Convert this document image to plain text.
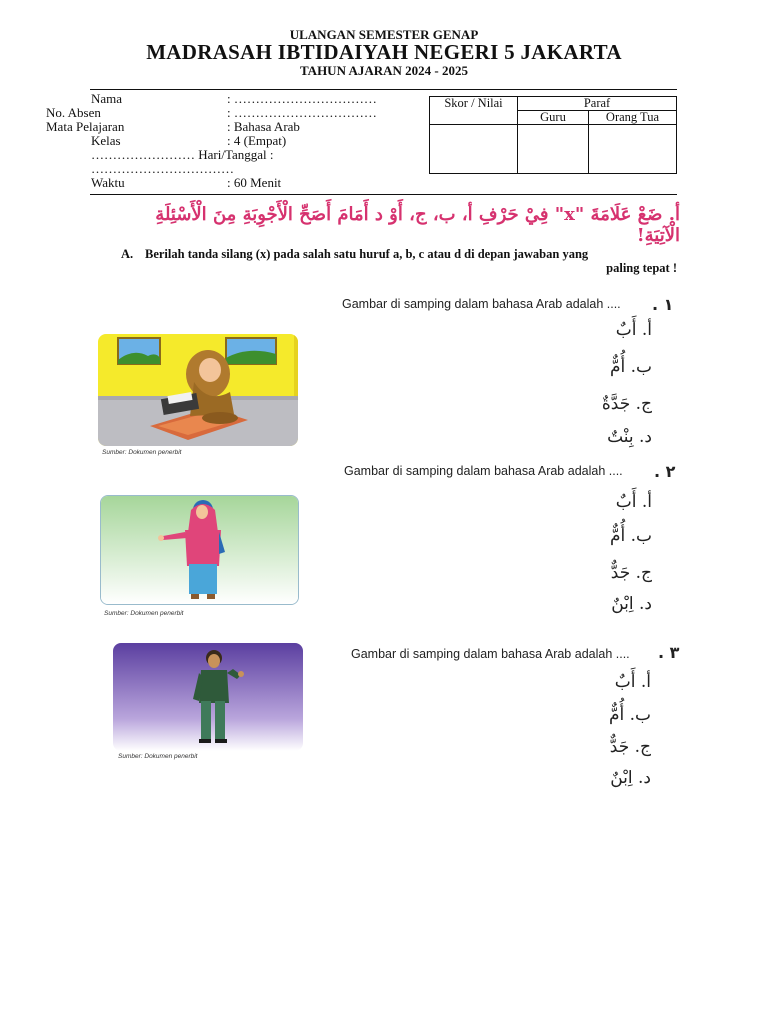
ULANGAN SEMESTER GENAP
MADRASAH IBTIDAIYAH NEGERI 5 JAKARTA
TAHUN AJARAN 2024 - 2025
Nama	: ……………………………
No. Absen	: ……………………………
Mata Pelajaran	: Bahasa Arab
Kelas	: 4 (Empat)
…………………… Hari/Tanggal :
……………………………
Waktu	: 60 Menit
Skor / Nilai	Paraf	
	Guru	Orang Tua

أ. ضَعْ عَلَامَةَ "x" فِيْ حَرْفِ أ، ب، ج، أَوْ د أَمَامَ أَصَحِّ الْأَجْوِبَةِ مِنَ الْأَسْئِلَةِ الْآتِيَةِ!
A. Berilah tanda silang (x) pada salah satu huruf a, b, c atau d di depan jawaban yang

paling tepat !
Gambar di samping dalam bahasa Arab adalah .... ١ .
Sumber: Dokumen penerbit
أ. أَبٌ
ب. أُمٌّ
ج. جَدَّةٌ
د. بِنْتٌ
Gambar di samping dalam bahasa Arab adalah .... ٢ .
Sumber: Dokumen penerbit
أ. أَبٌ
ب. أُمٌّ
ج. جَدٌّ
د. اِبْنٌ
Gambar di samping dalam bahasa Arab adalah .... ٣ .
Sumber: Dokumen penerbit
أ. أَبٌ
ب. أُمٌّ
ج. جَدٌّ
د. اِبْنٌ
